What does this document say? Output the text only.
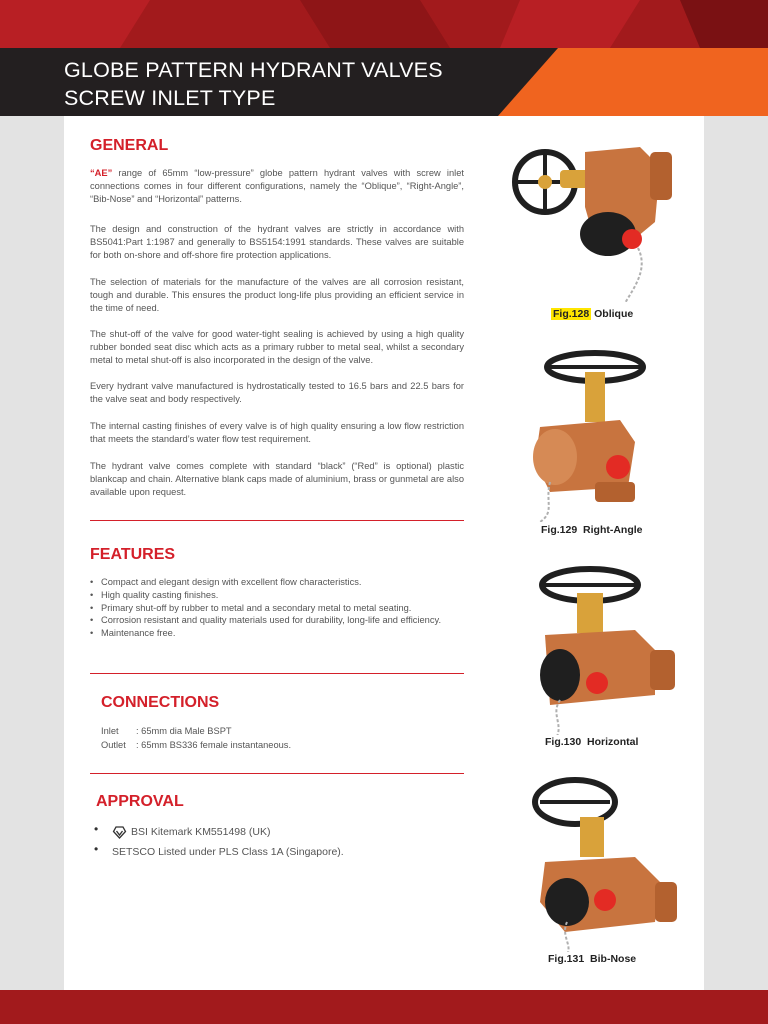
GLOBE PATTERN HYDRANT VALVES
SCREW INLET TYPE
GENERAL

“AE” range of 65mm “low-pressure” globe pattern hydrant valves with screw inlet connections comes in four different configurations, namely the “Oblique”, “Right-Angle”, “Bib-Nose” and “Horizontal” patterns.

The design and construction of the hydrant valves are strictly in accordance with BS5041:Part 1:1987 and generally to BS5154:1991 standards. These valves are suitable for both on-shore and off-shore fire protection applications.

The selection of materials for the manufacture of the valves are all corrosion resistant, tough and durable. This ensures the product long-life plus providing an efficient service in the time of need.

The shut-off of the valve for good water-tight sealing is achieved by using a high quality rubber bonded seat disc which acts as a primary rubber to metal seal, whilst a secondary metal to metal shut-off is also incorporated in the design of the valve.

Every hydrant valve manufactured is hydrostatically tested to 16.5 bars and 22.5 bars for the valve seat and body respectively.

The internal casting finishes of every valve is of high quality ensuring a low flow restriction that meets the standard’s water flow test requirement.

The hydrant valve comes complete with standard “black” (“Red” is optional) plastic blankcap and chain. Alternative blank caps made of aluminium, brass or gunmetal are also available upon request.

FEATURES
• Compact and elegant design with excellent flow characteristics.
• High quality casting finishes.
• Primary shut-off by rubber to metal and a secondary metal to metal seating.
• Corrosion resistant and quality materials used for durability, long-life and efficiency.
• Maintenance free.
CONNECTIONS
Inlet	: 65mm dia Male BSPT
Outlet	: 65mm BS336 female instantaneous.
APPROVAL
•	BSI Kitemark KM551498 (UK)
• SETSCO Listed under PLS Class 1A (Singapore).
Fig.128 Oblique
Fig.129 Right-Angle
Fig.130 Horizontal
Fig.131 Bib-Nose
